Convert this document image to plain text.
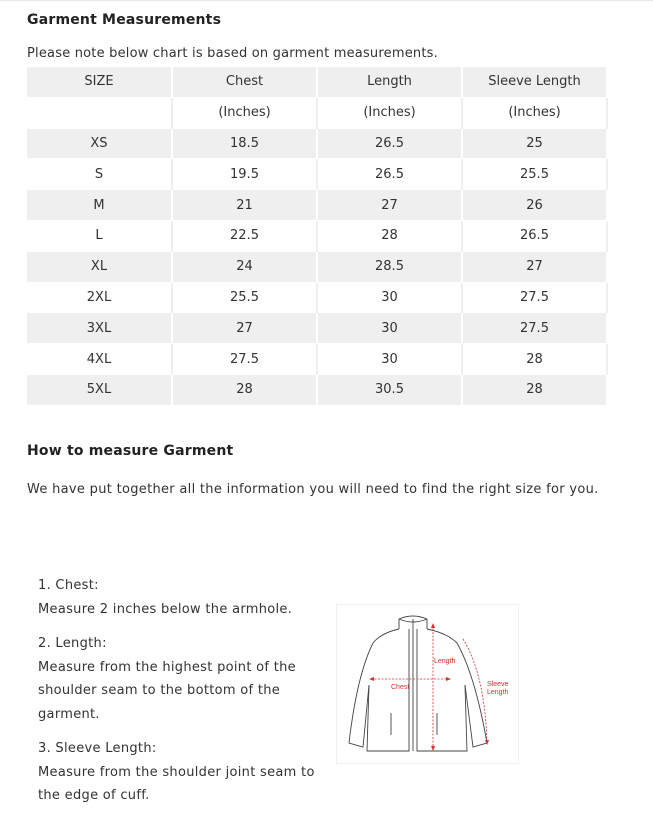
Garment Measurements
Please note below chart is based on garment measurements.
SIZE	Chest	Length	Sleeve Length
	(Inches)	(Inches)	(Inches)
XS	18.5	26.5	25
S	19.5	26.5	25.5
M	21	27	26
L	22.5	28	26.5
XL	24	28.5	27
2XL	25.5	30	27.5
3XL	27	30	27.5
4XL	27.5	30	28
5XL	28	30.5	28
How to measure Garment
We have put together all the information you will need to find the right size for you.

1. Chest:

Measure 2 inches below the armhole.

2. Length:

Measure from the highest point of the shoulder seam to the bottom of the garment.

3. Sleeve Length:

Measure from the shoulder joint seam to the edge of cuff.

Length
Chest	Sleeve
Length
